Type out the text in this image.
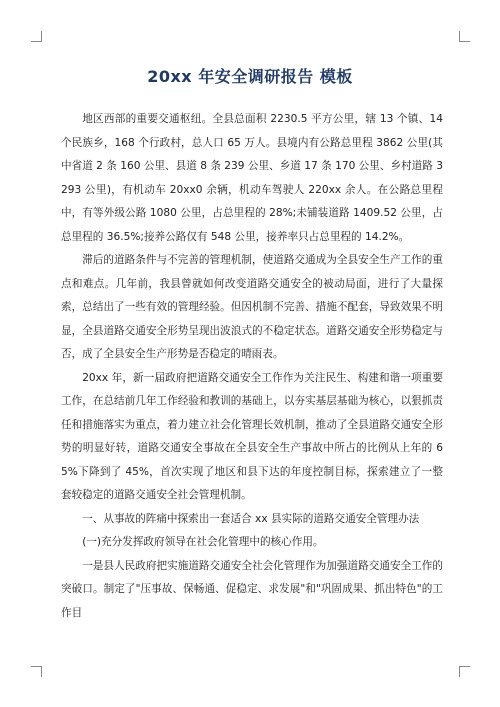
20xx 年安全调研报告 模板

地区西部的重要交通枢纽。全县总面积 2230.5 平方公里，辖 13 个镇、14 个民族乡，168 个行政村，总人口 65 万人。县境内有公路总里程 3862 公里(其中省道 2 条 160 公里、县道 8 条 239 公里、乡道 17 条 170 公里、乡村道路 3293 公里)，有机动车 20xx0 余辆，机动车驾驶人 220xx 余人。在公路总里程中，有等外级公路 1080 公里，占总里程的 28%;未铺装道路 1409.52 公里，占总里程的 36.5%;接养公路仅有 548 公里，接养率只占总里程的 14.2%。

滞后的道路条件与不完善的管理机制，使道路交通成为全县安全生产工作的重点和难点。几年前，我县曾就如何改变道路交通安全的被动局面，进行了大量探索，总结出了一些有效的管理经验。但因机制不完善、措施不配套，导致效果不明显，全县道路交通安全形势呈现出波浪式的不稳定状态。道路交通安全形势稳定与否，成了全县安全生产形势是否稳定的晴雨表。

20xx 年，新一届政府把道路交通安全工作作为关注民生、构建和谐一项重要工作，在总结前几年工作经验和教训的基础上，以夯实基层基础为核心，以狠抓责任和措施落实为重点，着力建立社会化管理长效机制，推动了全县道路交通安全形势的明显好转，道路交通安全事故在全县安全生产事故中所占的比例从上年的 65%下降到了 45%，首次实现了地区和县下达的年度控制目标，探索建立了一整套较稳定的道路交通安全社会管理机制。

一、从事故的阵痛中探索出一套适合 xx 县实际的道路交通安全管理办法

(一)充分发挥政府领导在社会化管理中的核心作用。

一是县人民政府把实施道路交通安全社会化管理作为加强道路交通安全工作的突破口。制定了"压事故、保畅通、促稳定、求发展"和"巩固成果、抓出特色"的工作目
